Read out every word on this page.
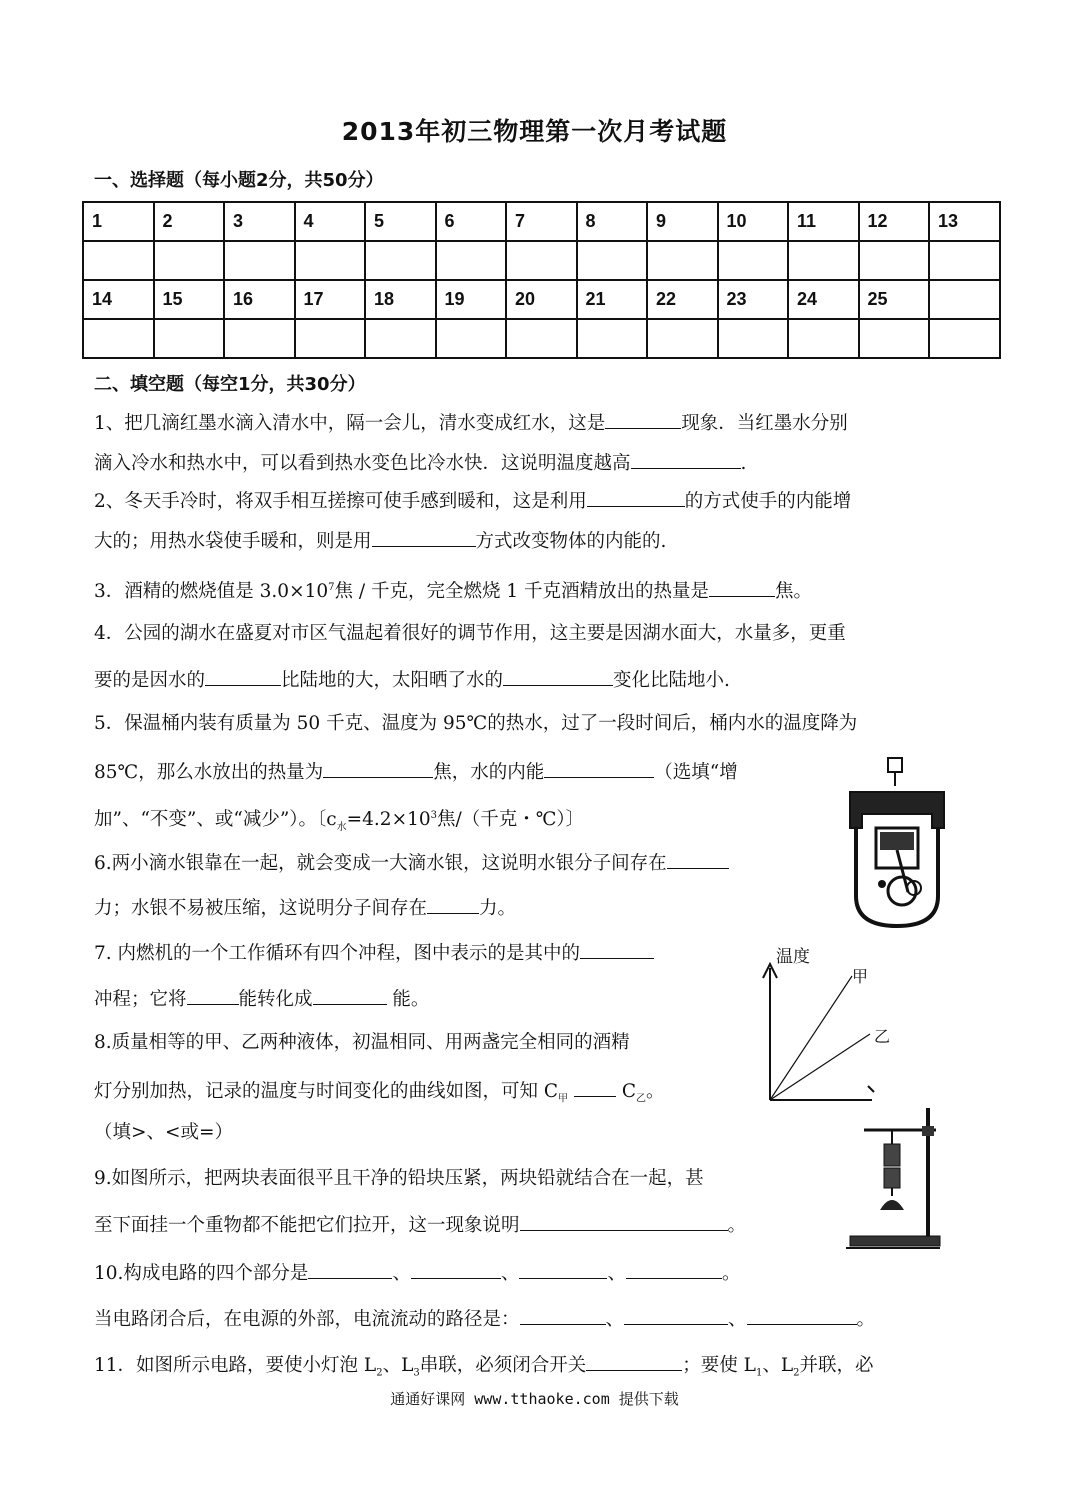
2013年初三物理第一次月考试题
一、选择题（每小题2分，共50分）
1	2	3	4	5	6	7	8	9	10	11	12	13

14	15	16	17	18	19	20	21	22	23	24	25	

二、填空题（每空1分，共30分）
1、把几滴红墨水滴入清水中，隔一会儿，清水变成红水，这是	现象．当红墨水分别
滴入冷水和热水中，可以看到热水变色比冷水快．这说明温度越高	.
2、冬天手冷时，将双手相互搓擦可使手感到暖和，这是利用	的方式使手的内能增
大的；用热水袋使手暖和，则是用	方式改变物体的内能的.
3．酒精的燃烧值是 $3.0\times 10^7$焦 / 千克，完全燃烧 1 千克酒精放出的热量是	焦。
4．公园的湖水在盛夏对市区气温起着很好的调节作用，这主要是因湖水面大，水量多，更重
要的是因水的	比陆地的大，太阳晒了水的	变化比陆地小.
5．保温桶内装有质量为 50 千克、温度为 95℃的热水，过了一段时间后，桶内水的温度降为
85℃，那么水放出的热量为	焦，水的内能	（选填“增
加”、“不变”、或“减少”）。〔$c_水=4.2\times 10^3$焦/（千克・℃）〕
6.两小滴水银靠在一起，就会变成一大滴水银，这说明水银分子间存在
力；水银不易被压缩，这说明分子间存在	力。
7. 内燃机的一个工作循环有四个冲程，图中表示的是其中的
冲程；它将	能转化成	能。
8.质量相等的甲、乙两种液体，初温相同、用两盏完全相同的酒精
灯分别加热，记录的温度与时间变化的曲线如图，可知 $C_甲$	$C_乙$。
（填>、<或=）
9.如图所示，把两块表面很平且干净的铅块压紧，两块铅就结合在一起，甚
至下面挂一个重物都不能把它们拉开，这一现象说明	。
10.构成电路的四个部分是	、	、	、	。
当电路闭合后，在电源的外部，电流流动的路径是：	、	、	。
11．如图所示电路，要使小灯泡 $L_2$、$L_3$串联，必须闭合开关	；要使 $L_1$、$L_2$并联，必
温度
甲
乙
通通好课网 www.tthaoke.com 提供下载
